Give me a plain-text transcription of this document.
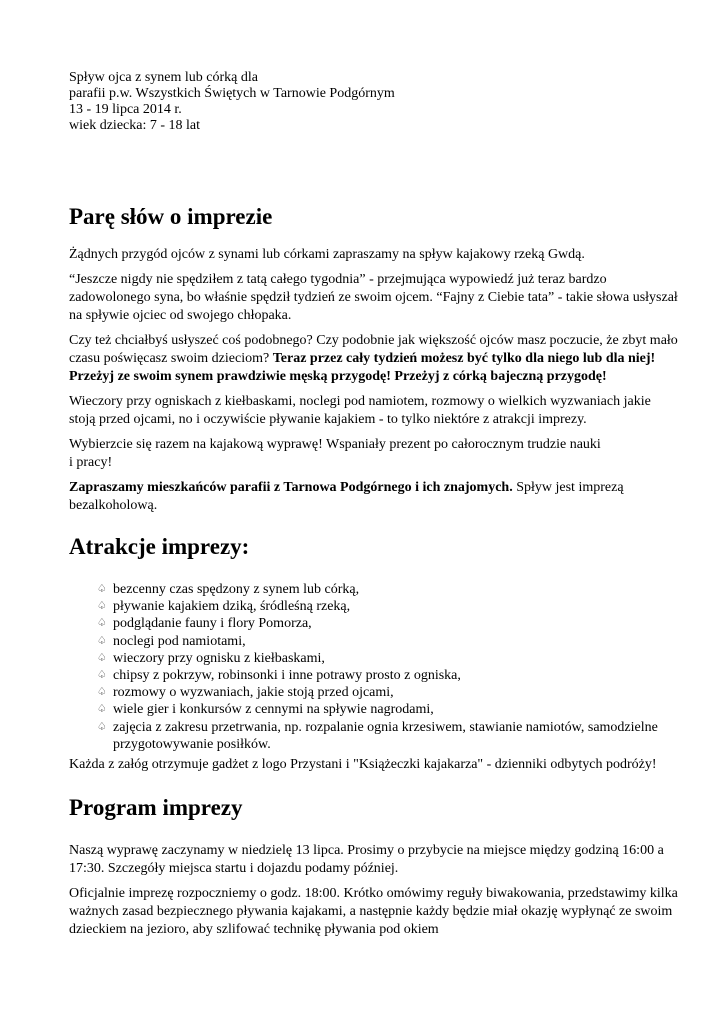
Spływ ojca z synem lub córką dla
parafii p.w. Wszystkich Świętych w Tarnowie Podgórnym
13 - 19 lipca 2014 r.
wiek dziecka: 7 - 18 lat
Parę słów o imprezie

Żądnych przygód ojców z synami lub córkami zapraszamy na spływ kajakowy rzeką Gwdą.

“Jeszcze nigdy nie spędziłem z tatą całego tygodnia” - przejmująca wypowiedź już teraz bardzo zadowolonego syna, bo właśnie spędził tydzień ze swoim ojcem. “Fajny z Ciebie tata” - takie słowa usłyszał na spływie ojciec od swojego chłopaka.

Czy też chciałbyś usłyszeć coś podobnego? Czy podobnie jak większość ojców masz poczucie, że zbyt mało czasu poświęcasz swoim dzieciom? Teraz przez cały tydzień możesz być tylko dla niego lub dla niej! Przeżyj ze swoim synem prawdziwie męską przygodę! Przeżyj z córką bajeczną przygodę!

Wieczory przy ogniskach z kiełbaskami, noclegi pod namiotem, rozmowy o wielkich wyzwaniach jakie stoją przed ojcami, no i oczywiście pływanie kajakiem - to tylko niektóre z atrakcji imprezy.

Wybierzcie się razem na kajakową wyprawę! Wspaniały prezent po całorocznym trudzie nauki
i pracy!

Zapraszamy mieszkańców parafii z Tarnowa Podgórnego i ich znajomych. Spływ jest imprezą bezalkoholową.

Atrakcje imprezy:
♤ bezcenny czas spędzony z synem lub córką,
♤ pływanie kajakiem dziką, śródleśną rzeką,
♤ podglądanie fauny i flory Pomorza,
♤ noclegi pod namiotami,
♤ wieczory przy ognisku z kiełbaskami,
♤ chipsy z pokrzyw, robinsonki i inne potrawy prosto z ogniska,
♤ rozmowy o wyzwaniach, jakie stoją przed ojcami,
♤ wiele gier i konkursów z cennymi na spływie nagrodami,
♤ zajęcia z zakresu przetrwania, np. rozpalanie ognia krzesiwem, stawianie namiotów, samodzielne przygotowywanie posiłków.

Każda z załóg otrzymuje gadżet z logo Przystani i "Książeczki kajakarza" - dzienniki odbytych podróży!

Program imprezy

Naszą wyprawę zaczynamy w niedzielę 13 lipca. Prosimy o przybycie na miejsce między godziną 16:00 a 17:30. Szczegóły miejsca startu i dojazdu podamy później.

Oficjalnie imprezę rozpoczniemy o godz. 18:00. Krótko omówimy reguły biwakowania, przedstawimy kilka ważnych zasad bezpiecznego pływania kajakami, a następnie każdy będzie miał okazję wypłynąć ze swoim dzieckiem na jezioro, aby szlifować technikę pływania pod okiem
